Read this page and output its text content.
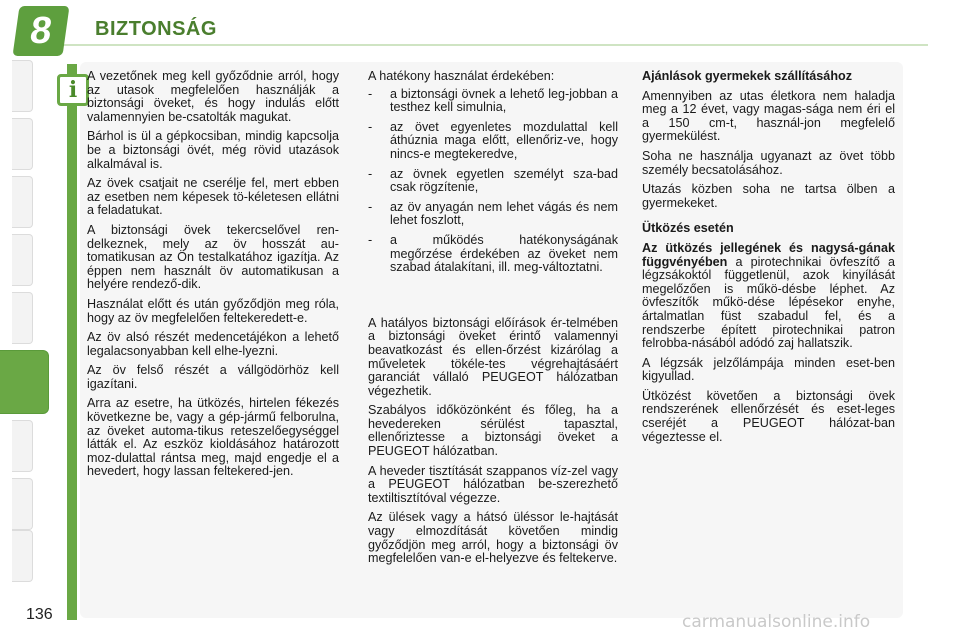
8	BIZTONSÁG
i

A vezetőnek meg kell győződnie arról, hogy az utasok megfelelően használják a biztonsági öveket, és hogy indulás előtt valamennyien be-csatolták magukat.

Bárhol is ül a gépkocsiban, mindig kapcsolja be a biztonsági övét, még rövid utazások alkalmával is.

Az övek csatjait ne cserélje fel, mert ebben az esetben nem képesek tö-kéletesen ellátni a feladatukat.

A biztonsági övek tekercselővel ren-delkeznek, mely az öv hosszát au-tomatikusan az Ön testalkatához igazítja. Az éppen nem használt öv automatikusan a helyére rendező-dik.

Használat előtt és után győződjön meg róla, hogy az öv megfelelően feltekeredett-e.

Az öv alsó részét medencetájékon a lehető legalacsonyabban kell elhe-lyezni.

Az öv felső részét a vállgödörhöz kell igazítani.

Arra az esetre, ha ütközés, hirtelen fékezés következne be, vagy a gép-jármű felborulna, az öveket automa-tikus reteszelőegységgel látták el. Az eszköz kioldásához határozott moz-dulattal rántsa meg, majd engedje el a hevedert, hogy lassan feltekered-jen.

A hatékony használat érdekében:

- a biztonsági övnek a lehető leg-jobban a testhez kell simulnia,
- az övet egyenletes mozdulattal kell áthúznia maga előtt, ellenőriz-ve, hogy nincs-e megtekeredve,
- az övnek egyetlen személyt sza-bad csak rögzítenie,
- az öv anyagán nem lehet vágás és nem lehet foszlott,
- a működés hatékonyságának megőrzése érdekében az öveket nem szabad átalakítani, ill. meg-változtatni.

A hatályos biztonsági előírások ér-telmében a biztonsági öveket érintő valamennyi beavatkozást és ellen-őrzést kizárólag a műveletek tökéle-tes végrehajtásáért garanciát vállaló PEUGEOT hálózatban végezhetik.

Szabályos időközönként és főleg, ha a hevedereken sérülést tapasztal, ellenőriztesse a biztonsági öveket a PEUGEOT hálózatban.

A heveder tisztítását szappanos víz-zel vagy a PEUGEOT hálózatban be-szerezhető textiltisztítóval végezze.

Az ülések vagy a hátsó üléssor le-hajtását vagy elmozdítását követően mindig győződjön meg arról, hogy a biztonsági öv megfelelően van-e el-helyezve és feltekerve.

Ajánlások gyermekek szállításához

Amennyiben az utas életkora nem haladja meg a 12 évet, vagy magas-sága nem éri el a 150 cm-t, használ-jon megfelelő gyermekülést.

Soha ne használja ugyanazt az övet több személy becsatolásához.

Utazás közben soha ne tartsa ölben a gyermekeket.

Ütközés esetén

Az ütközés jellegének és nagysá-gának függvényében a pirotechnikai övfeszítő a légzsákoktól függetlenül, azok kinyílását megelőzően is műkö-désbe léphet. Az övfeszítők műkö-dése lépésekor enyhe, ártalmatlan füst szabadul fel, és a rendszerbe épített pirotechnikai patron felrobba-násából adódó zaj hallatszik.

A légzsák jelzőlámpája minden eset-ben kigyullad.

Ütközést követően a biztonsági övek rendszerének ellenőrzését és eset-leges cseréjét a PEUGEOT hálózat-ban végeztesse el.

136	carmanualsonline.info
